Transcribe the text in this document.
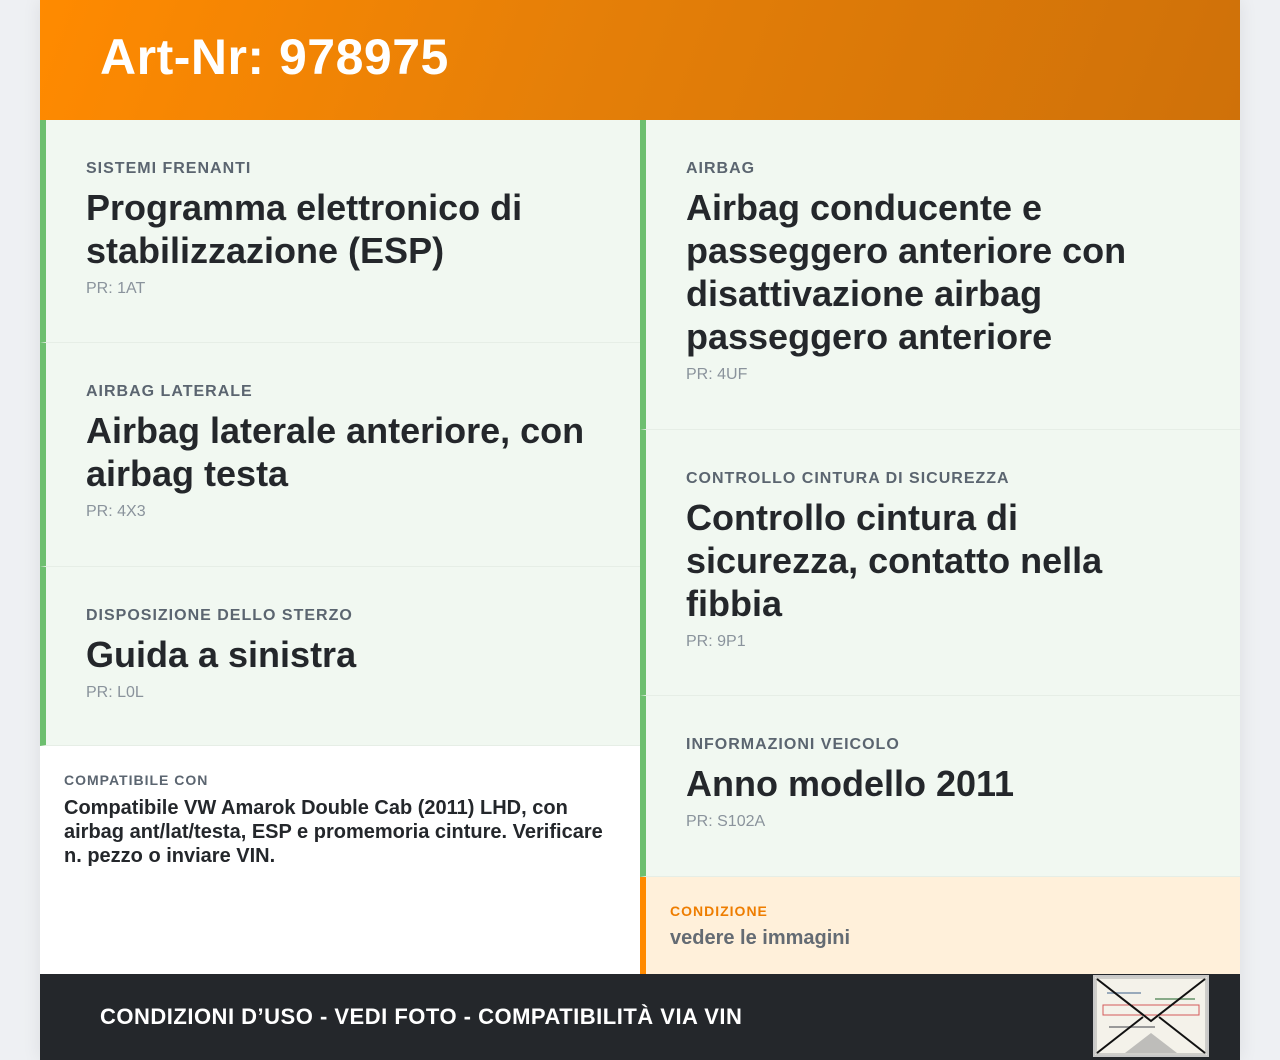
Art-Nr: 978975
SISTEMI FRENANTI
Programma elettronico di stabilizzazione (ESP)
PR: 1AT
AIRBAG LATERALE
Airbag laterale anteriore, con airbag testa
PR: 4X3
DISPOSIZIONE DELLO STERZO
Guida a sinistra
PR: L0L
COMPATIBILE CON
Compatibile VW Amarok Double Cab (2011) LHD, con airbag ant/lat/testa, ESP e promemoria cinture. Verificare n. pezzo o inviare VIN.
AIRBAG
Airbag conducente e passeggero anteriore con disattivazione airbag passeggero anteriore
PR: 4UF
CONTROLLO CINTURA DI SICUREZZA
Controllo cintura di sicurezza, contatto nella fibbia
PR: 9P1
INFORMAZIONI VEICOLO
Anno modello 2011
PR: S102A
CONDIZIONE
vedere le immagini
CONDIZIONI D’USO - VEDI FOTO - COMPATIBILITÀ VIA VIN
